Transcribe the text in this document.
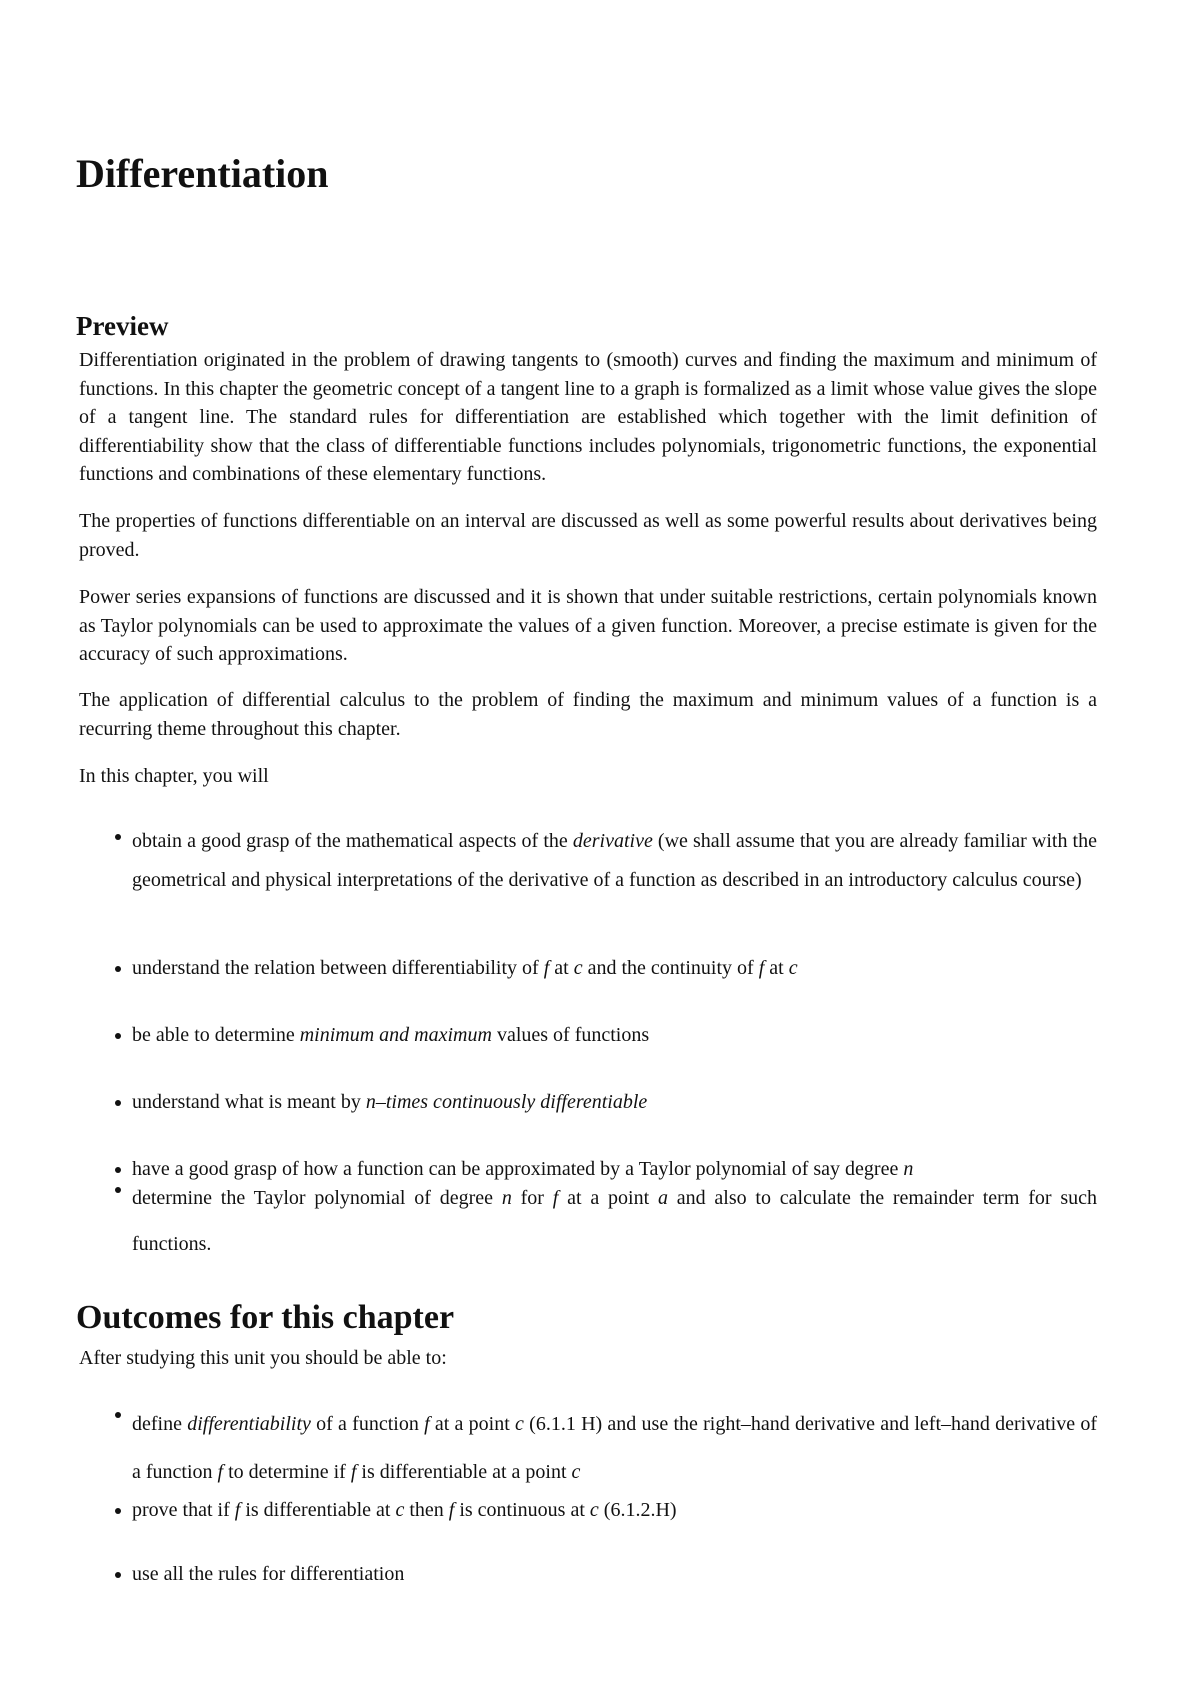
Differentiation
Preview

Differentiation originated in the problem of drawing tangents to (smooth) curves and finding the maximum and minimum of functions. In this chapter the geometric concept of a tangent line to a graph is formalized as a limit whose value gives the slope of a tangent line. The standard rules for differentiation are established which together with the limit definition of differentiability show that the class of differentiable functions includes polynomials, trigonometric functions, the exponential functions and combinations of these elementary functions.

The properties of functions differentiable on an interval are discussed as well as some powerful results about derivatives being proved.

Power series expansions of functions are discussed and it is shown that under suitable restrictions, certain polynomials known as Taylor polynomials can be used to approximate the values of a given function. Moreover, a precise estimate is given for the accuracy of such approximations.

The application of differential calculus to the problem of finding the maximum and minimum values of a function is a recurring theme throughout this chapter.

In this chapter, you will

obtain a good grasp of the mathematical aspects of the derivative (we shall assume that you are already familiar with the geometrical and physical interpretations of the derivative of a function as described in an introductory calculus course)
understand the relation between differentiability of f at c and the continuity of f at c
be able to determine minimum and maximum values of functions
understand what is meant by n–times continuously differentiable
have a good grasp of how a function can be approximated by a Taylor polynomial of say degree n
determine the Taylor polynomial of degree n for f at a point a and also to calculate the remainder term for such functions.
Outcomes for this chapter

After studying this unit you should be able to:

define differentiability of a function f at a point c (6.1.1 H) and use the right–hand derivative and left–hand derivative of a function f to determine if f is differentiable at a point c
prove that if f is differentiable at c then f is continuous at c (6.1.2.H)
use all the rules for differentiation
